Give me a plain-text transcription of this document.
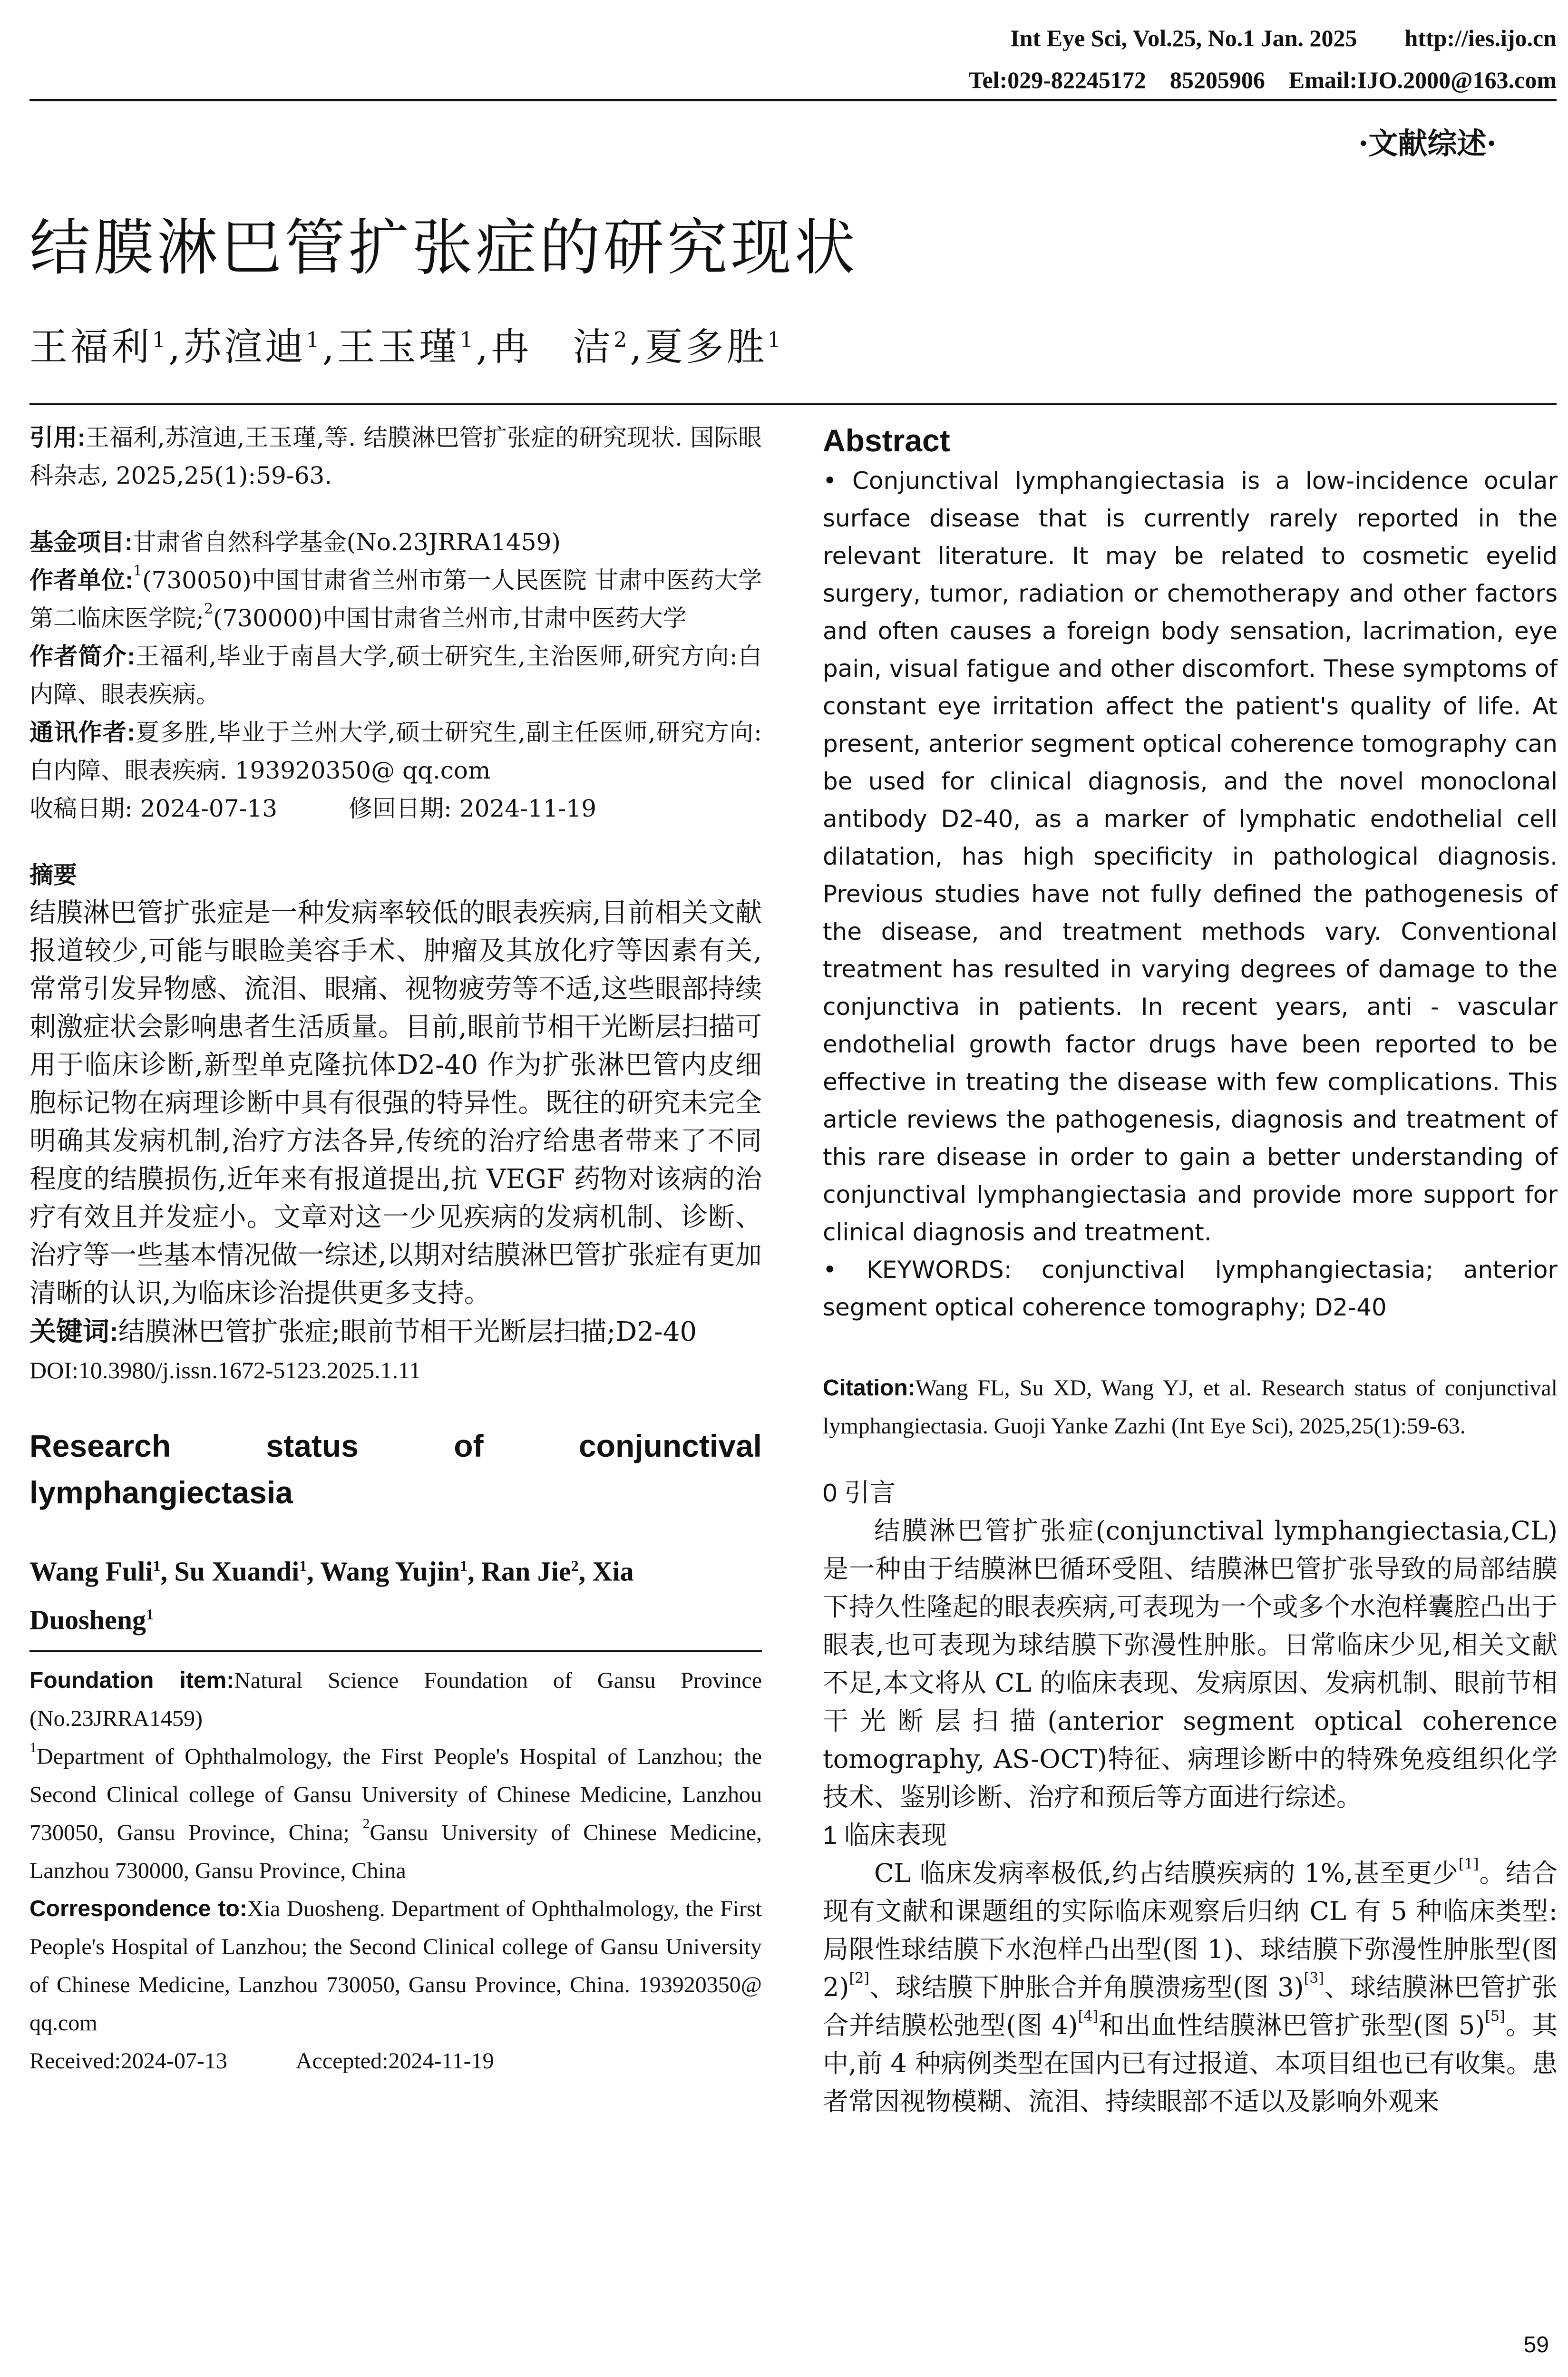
Int Eye Sci, Vol.25, No.1 Jan. 2025　　http://ies.ijo.cn
Tel:029-82245172　85205906　Email:IJO.2000@163.com
·文献综述·
结膜淋巴管扩张症的研究现状
王福利$^1$,苏渲迪$^1$,王玉瑾$^1$,冉　洁$^2$,夏多胜$^1$

引用:王福利,苏渲迪,王玉瑾,等. 结膜淋巴管扩张症的研究现状. 国际眼科杂志, 2025,25(1):59-63.

基金项目:甘肃省自然科学基金(No.23JRRA1459)

作者单位:$^1$(730050)中国甘肃省兰州市第一人民医院 甘肃中医药大学第二临床医学院;$^2$(730000)中国甘肃省兰州市,甘肃中医药大学

作者简介:王福利,毕业于南昌大学,硕士研究生,主治医师,研究方向:白内障、眼表疾病。

通讯作者:夏多胜,毕业于兰州大学,硕士研究生,副主任医师,研究方向:白内障、眼表疾病. 193920350@ qq.com

收稿日期: 2024-07-13　　　	修回日期: 2024-11-19

摘要

结膜淋巴管扩张症是一种发病率较低的眼表疾病,目前相关文献报道较少,可能与眼睑美容手术、肿瘤及其放化疗等因素有关,常常引发异物感、流泪、眼痛、视物疲劳等不适,这些眼部持续刺激症状会影响患者生活质量。目前,眼前节相干光断层扫描可用于临床诊断,新型单克隆抗体D2-40 作为扩张淋巴管内皮细胞标记物在病理诊断中具有很强的特异性。既往的研究未完全明确其发病机制,治疗方法各异,传统的治疗给患者带来了不同程度的结膜损伤,近年来有报道提出,抗 VEGF 药物对该病的治疗有效且并发症小。文章对这一少见疾病的发病机制、诊断、治疗等一些基本情况做一综述,以期对结膜淋巴管扩张症有更加清晰的认识,为临床诊治提供更多支持。

关键词:结膜淋巴管扩张症;眼前节相干光断层扫描;D2-40

DOI:10.3980/j.issn.1672-5123.2025.1.11

Research status of conjunctival lymphangiectasia

Wang Fuli$^1$, Su Xuandi$^1$, Wang Yujin$^1$, Ran Jie$^2$, Xia Duosheng$^1$

Foundation item:Natural Science Foundation of Gansu Province (No.23JRRA1459)

$^1$Department of Ophthalmology, the First People's Hospital of Lanzhou; the Second Clinical college of Gansu University of Chinese Medicine, Lanzhou 730050, Gansu Province, China; $^2$Gansu University of Chinese Medicine, Lanzhou 730000, Gansu Province, China

Correspondence to:Xia Duosheng. Department of Ophthalmology, the First People's Hospital of Lanzhou; the Second Clinical college of Gansu University of Chinese Medicine, Lanzhou 730050, Gansu Province, China. 193920350@ qq.com

Received:2024-07-13　　　	Accepted:2024-11-19

Abstract

• Conjunctival lymphangiectasia is a low-incidence ocular surface disease that is currently rarely reported in the relevant literature. It may be related to cosmetic eyelid surgery, tumor, radiation or chemotherapy and other factors and often causes a foreign body sensation, lacrimation, eye pain, visual fatigue and other discomfort. These symptoms of constant eye irritation affect the patient's quality of life. At present, anterior segment optical coherence tomography can be used for clinical diagnosis, and the novel monoclonal antibody D2-40, as a marker of lymphatic endothelial cell dilatation, has high specificity in pathological diagnosis. Previous studies have not fully defined the pathogenesis of the disease, and treatment methods vary. Conventional treatment has resulted in varying degrees of damage to the conjunctiva in patients. In recent years, anti - vascular endothelial growth factor drugs have been reported to be effective in treating the disease with few complications. This article reviews the pathogenesis, diagnosis and treatment of this rare disease in order to gain a better understanding of conjunctival lymphangiectasia and provide more support for clinical diagnosis and treatment.

• KEYWORDS: conjunctival lymphangiectasia; anterior segment optical coherence tomography; D2-40

Citation:Wang FL, Su XD, Wang YJ, et al. Research status of conjunctival lymphangiectasia. Guoji Yanke Zazhi (Int Eye Sci), 2025,25(1):59-63.

0 引言

结膜淋巴管扩张症(conjunctival lymphangiectasia,CL)是一种由于结膜淋巴循环受阻、结膜淋巴管扩张导致的局部结膜下持久性隆起的眼表疾病,可表现为一个或多个水泡样囊腔凸出于眼表,也可表现为球结膜下弥漫性肿胀。日常临床少见,相关文献不足,本文将从 CL 的临床表现、发病原因、发病机制、眼前节相干光断层扫描(anterior segment optical coherence tomography, AS-OCT)特征、病理诊断中的特殊免疫组织化学技术、鉴别诊断、治疗和预后等方面进行综述。

1 临床表现

CL 临床发病率极低,约占结膜疾病的 1%,甚至更少[1]。结合现有文献和课题组的实际临床观察后归纳 CL 有 5 种临床类型:局限性球结膜下水泡样凸出型(图 1)、球结膜下弥漫性肿胀型(图 2)[2]、球结膜下肿胀合并角膜溃疡型(图 3)[3]、球结膜淋巴管扩张合并结膜松弛型(图 4)[4]和出血性结膜淋巴管扩张型(图 5)[5]。其中,前 4 种病例类型在国内已有过报道、本项目组也已有收集。患者常因视物模糊、流泪、持续眼部不适以及影响外观来

59
